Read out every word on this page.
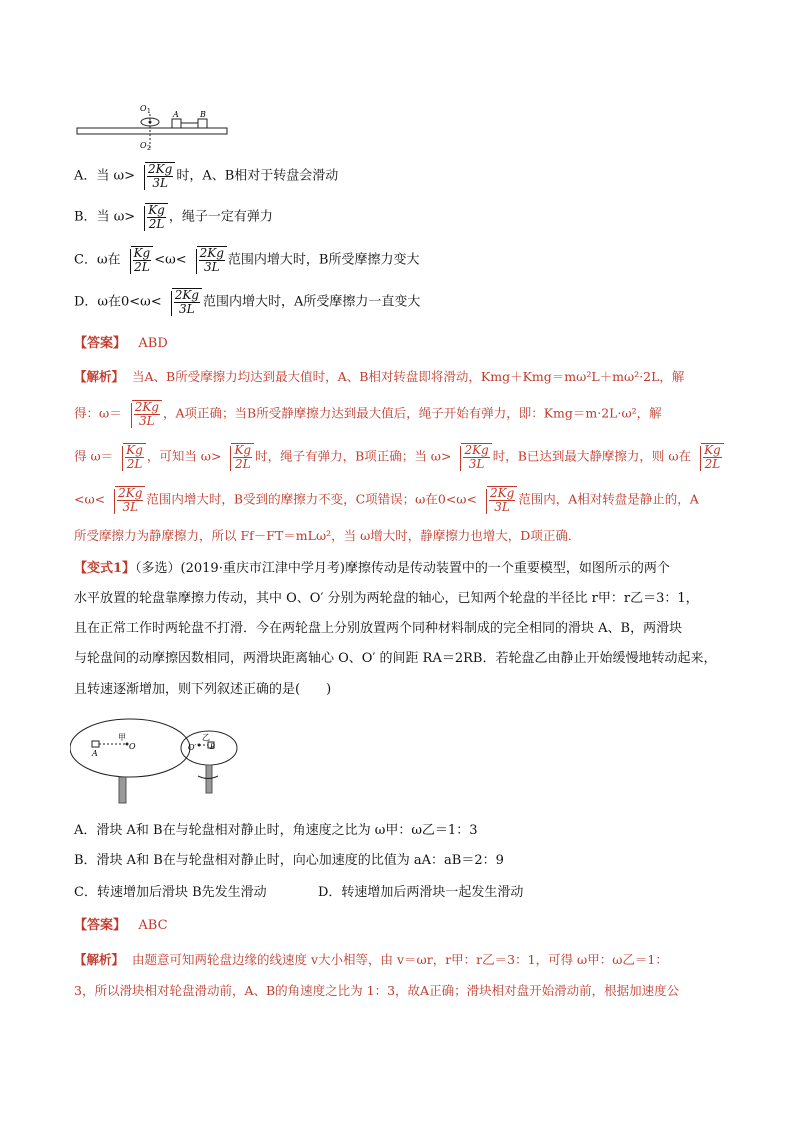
O 1
O 2
A	B
A．当 $\omega> \frac{2Kg}{3L}$ 时，A、B相对于转盘会滑动
B．当 $\omega> \frac{Kg}{2L}$ ，绳子一定有弹力
C．ω在 $\frac{Kg}{2L} <\omega< \frac{2Kg}{3L}$ 范围内增大时，B所受摩擦力变大
D．ω在$0<\omega< \frac{2Kg}{3L}$ 范围内增大时，A所受摩擦力一直变大
【答案】 ABD
【解析】 当A、B所受摩擦力均达到最大值时，A、B相对转盘即将滑动，Kmg＋Kmg＝mω²L＋mω²·2L，解
得：$\omega= \frac{2Kg}{3L}$ ，A项正确；当B所受静摩擦力达到最大值后，绳子开始有弹力，即：Kmg＝m·2L·ω²，解
得 $\omega= \frac{Kg}{2L}$ ，可知当 $\omega> \frac{Kg}{2L}$ 时，绳子有弹力，B项正确；当 $\omega> \frac{2Kg}{3L}$ 时，B已达到最大静摩擦力，则 ω在 $\frac{Kg}{2L}$
$<\omega< \frac{2Kg}{3L}$ 范围内增大时，B受到的摩擦力不变，C项错误；ω在$0<\omega< \frac{2Kg}{3L}$ 范围内，A相对转盘是静止的，A
所受摩擦力为静摩擦力，所以 Ff－FT＝mLω²，当 ω增大时，静摩擦力也增大，D项正确．
【变式1】（多选）(2019·重庆市江津中学月考)摩擦传动是传动装置中的一个重要模型，如图所示的两个
水平放置的轮盘靠摩擦力传动，其中 O、O′ 分别为两轮盘的轴心，已知两个轮盘的半径比 r甲：r乙＝3：1，
且在正常工作时两轮盘不打滑．今在两轮盘上分别放置两个同种材料制成的完全相同的滑块 A、B，两滑块
与轮盘间的动摩擦因数相同，两滑块距离轴心 O、O′ 的间距 RA＝2RB．若轮盘乙由静止开始缓慢地转动起来，
且转速逐渐增加，则下列叙述正确的是(　　)
甲
O
A
乙
O′ B
A．滑块 A和 B在与轮盘相对静止时，角速度之比为 ω甲：ω乙＝1：3
B．滑块 A和 B在与轮盘相对静止时，向心加速度的比值为 aA：aB＝2：9
C．转速增加后滑块 B先发生滑动	D．转速增加后两滑块一起发生滑动
【答案】 ABC
【解析】 由题意可知两轮盘边缘的线速度 v大小相等，由 v＝ωr，r甲：r乙＝3：1，可得 ω甲：ω乙＝1：
3，所以滑块相对轮盘滑动前，A、B的角速度之比为 1：3，故A正确；滑块相对盘开始滑动前，根据加速度公
